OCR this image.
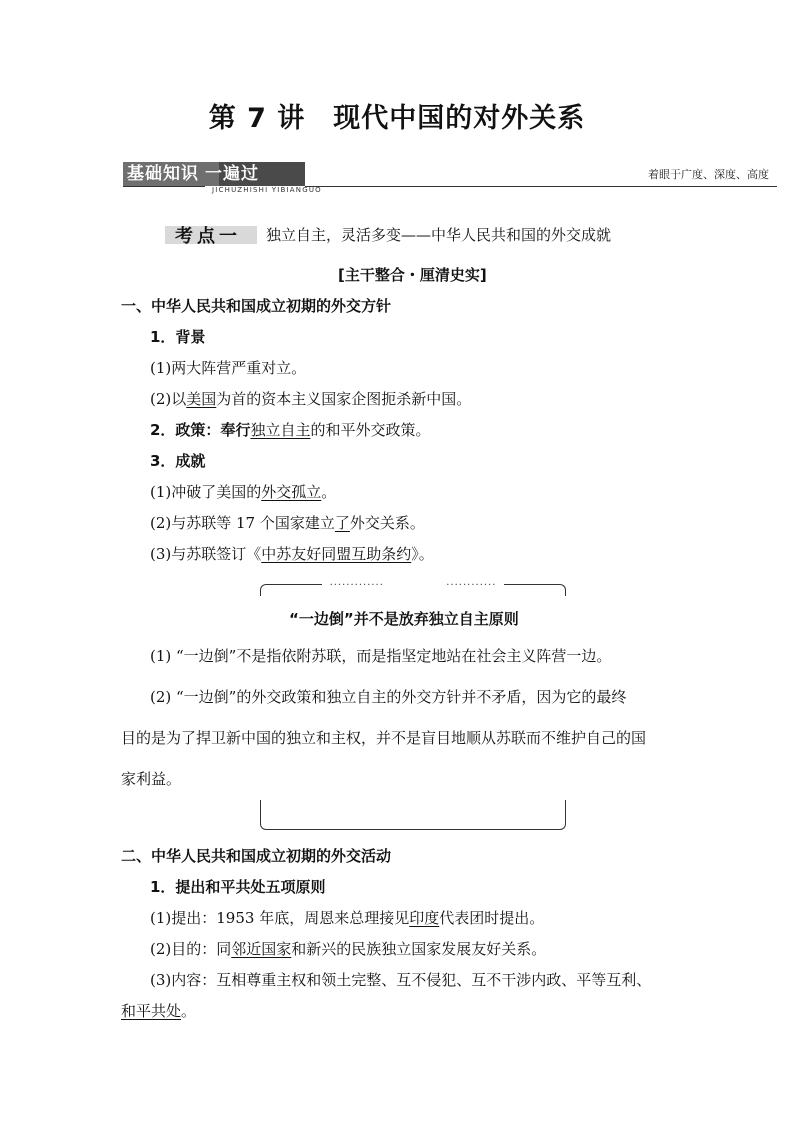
第 7 讲 现代中国的对外关系
基础知识 一遍过
JICHUZHISHI YIBIANGUO
着眼于广度、深度、高度
考点一 独立自主，灵活多变——中华人民共和国的外交成就
[主干整合・厘清史实]
一、中华人民共和国成立初期的外交方针
1．背景
(1)两大阵营严重对立。
(2)以美国为首的资本主义国家企图扼杀新中国。
2．政策：奉行独立自主的和平外交政策。
3．成就
(1)冲破了美国的外交孤立。
(2)与苏联等 17 个国家建立了外交关系。
(3)与苏联签订《中苏友好同盟互助条约》。
············· 易误辨析 ············
“一边倒”并不是放弃独立自主原则
(1) “一边倒”不是指依附苏联，而是指坚定地站在社会主义阵营一边。
(2) “一边倒”的外交政策和独立自主的外交方针并不矛盾，因为它的最终
目的是为了捍卫新中国的独立和主权，并不是盲目地顺从苏联而不维护自己的国
家利益。
二、中华人民共和国成立初期的外交活动
1．提出和平共处五项原则
(1)提出：1953 年底，周恩来总理接见印度代表团时提出。
(2)目的：同邻近国家和新兴的民族独立国家发展友好关系。
(3)内容：互相尊重主权和领土完整、互不侵犯、互不干涉内政、平等互利、
和平共处。
